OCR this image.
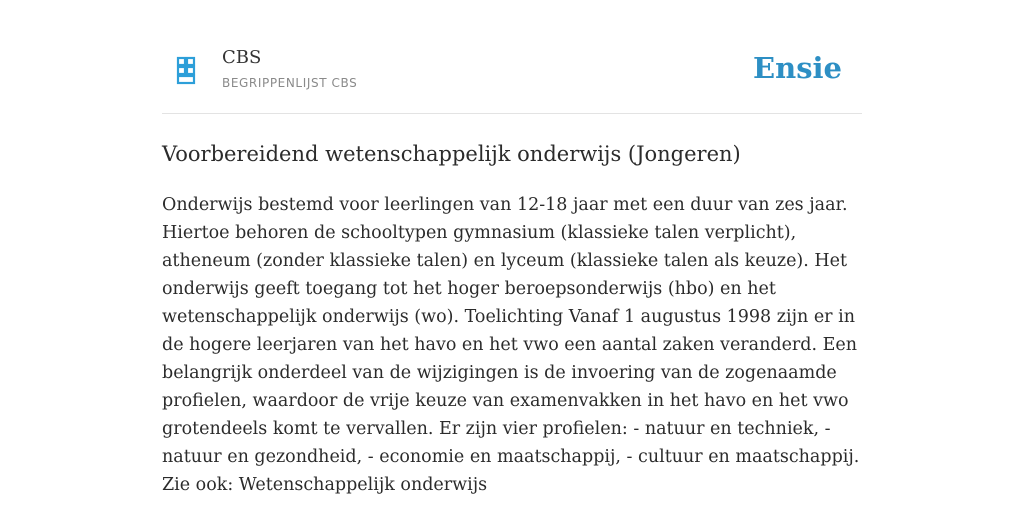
CBS
BEGRIPPENLIJST CBS	Ensie
Voorbereidend wetenschappelijk onderwijs (Jongeren)

Onderwijs bestemd voor leerlingen van 12-18 jaar met een duur van zes jaar. Hiertoe behoren de schooltypen gymnasium (klassieke talen verplicht), atheneum (zonder klassieke talen) en lyceum (klassieke talen als keuze). Het onderwijs geeft toegang tot het hoger beroepsonderwijs (hbo) en het wetenschappelijk onderwijs (wo). Toelichting Vanaf 1 augustus 1998 zijn er in de hogere leerjaren van het havo en het vwo een aantal zaken veranderd. Een belangrijk onderdeel van de wijzigingen is de invoering van de zogenaamde profielen, waardoor de vrije keuze van examenvakken in het havo en het vwo grotendeels komt te vervallen. Er zijn vier profielen: - natuur en techniek, - natuur en gezondheid, - economie en maatschappij, - cultuur en maatschappij. Zie ook: Wetenschappelijk onderwijs
